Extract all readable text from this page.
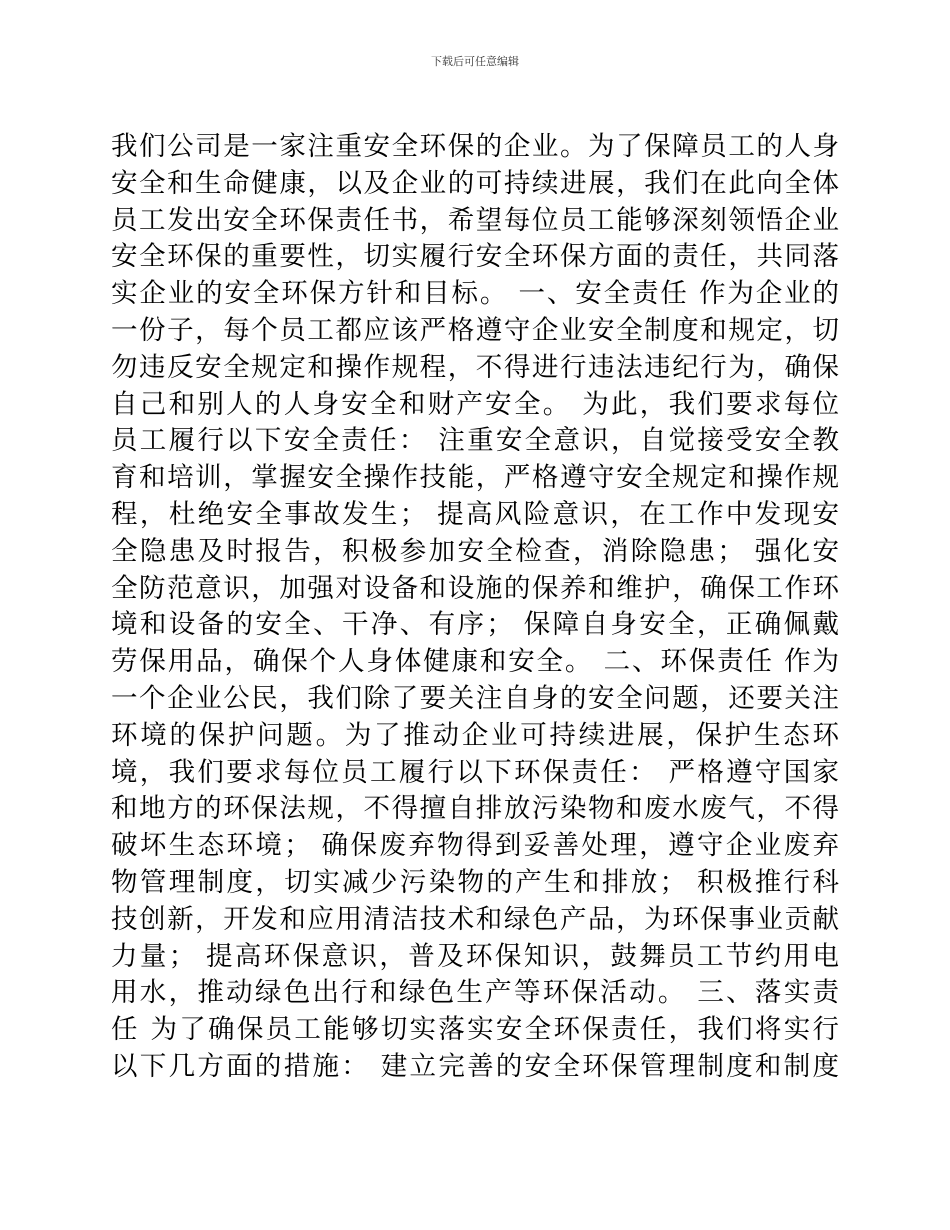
下载后可任意编辑
我们公司是一家注重安全环保的企业。为了保障员工的人身
安全和生命健康，以及企业的可持续进展，我们在此向全体
员工发出安全环保责任书，希望每位员工能够深刻领悟企业
安全环保的重要性，切实履行安全环保方面的责任，共同落
实企业的安全环保方针和目标。 一、安全责任 作为企业的
一份子，每个员工都应该严格遵守企业安全制度和规定，切
勿违反安全规定和操作规程，不得进行违法违纪行为，确保
自己和别人的人身安全和财产安全。 为此，我们要求每位
员工履行以下安全责任： 注重安全意识，自觉接受安全教
育和培训，掌握安全操作技能，严格遵守安全规定和操作规
程，杜绝安全事故发生； 提高风险意识，在工作中发现安
全隐患及时报告，积极参加安全检查，消除隐患； 强化安
全防范意识，加强对设备和设施的保养和维护，确保工作环
境和设备的安全、干净、有序； 保障自身安全，正确佩戴
劳保用品，确保个人身体健康和安全。 二、环保责任 作为
一个企业公民，我们除了要关注自身的安全问题，还要关注
环境的保护问题。为了推动企业可持续进展，保护生态环
境，我们要求每位员工履行以下环保责任： 严格遵守国家
和地方的环保法规，不得擅自排放污染物和废水废气，不得
破坏生态环境； 确保废弃物得到妥善处理，遵守企业废弃
物管理制度，切实减少污染物的产生和排放； 积极推行科
技创新，开发和应用清洁技术和绿色产品，为环保事业贡献
力量； 提高环保意识，普及环保知识，鼓舞员工节约用电
用水，推动绿色出行和绿色生产等环保活动。 三、落实责
任 为了确保员工能够切实落实安全环保责任，我们将实行
以下几方面的措施： 建立完善的安全环保管理制度和制度
